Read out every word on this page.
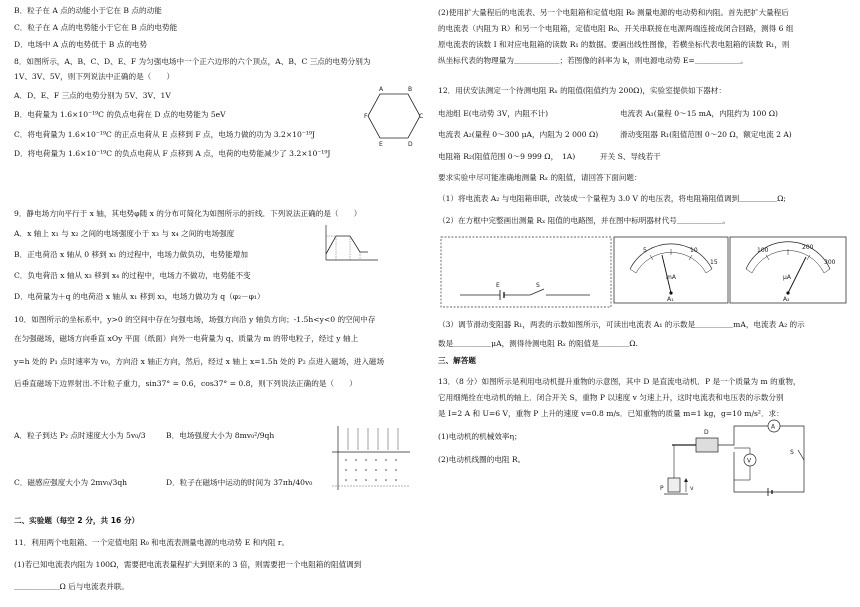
B．粒子在 A 点的动能小于它在 B 点的动能
C．粒子在 A 点的电势能小于它在 B 点的电势能
D．电场中 A 点的电势低于 B 点的电势
8．如图所示，A、B、C、D、E、F 为匀强电场中一个正六边形的六个顶点，A、B、C 三点的电势分别为
1V、3V、5V，则下列说法中正确的是（　　）
A．D、E、F 三点的电势分别为 5V、3V、1V
B．电荷量为 1.6×10⁻¹⁹C 的负点电荷在 D 点的电势能为 5eV
C．将电荷量为 1.6×10⁻¹⁹C 的正点电荷从 E 点移到 F 点，电场力做的功为 3.2×10⁻¹⁹J
D．将电荷量为 1.6×10⁻¹⁹C 的负点电荷从 F 点移到 A 点，电荷的电势能减少了 3.2×10⁻¹⁹J
A	B
C
D
E
F
9．静电场方向平行于 x 轴，其电势φ随 x 的分布可简化为如图所示的折线．下列说法正确的是（　　）
A．x 轴上 x₁ 与 x₂ 之间的电场强度小于 x₃ 与 x₄ 之间的电场强度
B．正电荷沿 x 轴从 0 移到 x₁ 的过程中，电场力做负功，电势能增加
C．负电荷沿 x 轴从 x₃ 移到 x₄ 的过程中，电场力不做功，电势能不变
D．电荷量为＋q 的电荷沿 x 轴从 x₁ 移到 x₃，电场力做功为 q（φ₂－φ₁）
10．如图所示的坐标系中，y>0 的空间中存在匀强电场，场强方向沿 y 轴负方向；-1.5h<y<0 的空间中存
在匀强磁场，磁场方向垂直 xOy 平面（纸面）向外一电荷量为 q、质量为 m 的带电粒子，经过 y 轴上
y=h 处的 P₁ 点时速率为 v₀，方向沿 x 轴正方向，然后，经过 x 轴上 x=1.5h 处的 P₂ 点进入磁场，进入磁场
后垂直磁场下边界射出.不计粒子重力，sin37° = 0.6，cos37° = 0.8，则下列说法正确的是（　　）
A．粒子到达 P₂ 点时速度大小为 5v₀/3	B．电场强度大小为 8mv₀²/9qh
C．磁感应强度大小为 2mv₀/3qh	D．粒子在磁场中运动的时间为 37πh/40v₀
二、实验题（每空 2 分，共 16 分）
11．利用两个电阻箱、一个定值电阻 R₀ 和电流表测量电源的电动势 E 和内阻 r。
(1)若已知电流表内阻为 100Ω，需要把电流表量程扩大到原来的 3 倍，则需要把一个电阻箱的阻值调到
＿＿＿＿＿＿Ω 后与电流表并联。
(2)使用扩大量程后的电流表、另一个电阻箱和定值电阻 R₀ 测量电源的电动势和内阻。首先把扩大量程后
的电流表（内阻为 R）和另一个电阻箱，定值电阻 R₀、开关串联接在电源两端连接成闭合回路，测得 6 组
原电流表的读数 I 和对应电阻箱的读数 R₁ 的数据。要画出线性图像，若横坐标代表电阻箱的读数 R₁，则
纵坐标代表的物理量为＿＿＿＿＿＿；若图像的斜率为 k，则电源电动势 E=＿＿＿＿＿＿。
12．用伏安法测定一个待测电阻 Rₓ 的阻值(阻值约为 200Ω)，实验室提供如下器材：
电池组 E(电动势 3V，内阻不计)	电流表 A₁(量程 0～15 mA，内阻约为 100 Ω)
电流表 A₂(量程 0～300 μA，内阻为 2 000 Ω)	滑动变阻器 R₁(阻值范围 0～20 Ω，额定电流 2 A)
电阻箱 R₂(阻值范围 0～9 999 Ω，　1A)	开关 S、导线若干
要求实验中尽可能准确地测量 Rₓ 的阻值，请回答下面问题：
（1）将电流表 A₂ 与电阻箱串联，改装成一个量程为 3.0 V 的电压表，将电阻箱阻值调到＿＿＿＿＿Ω;
（2）在方框中完整画出测量 Rₓ 阻值的电路图，并在图中标明器材代号＿＿＿＿＿＿。
E	S
5	10
15
mA
A₁
100	200
300
μA
A₂
（3）调节滑动变阻器 R₁，两表的示数如图所示，可读出电流表 A₁ 的示数是＿＿＿＿＿mA，电流表 A₂ 的示
数是＿＿＿＿＿μA，测得待测电阻 Rₓ 的阻值是＿＿＿＿Ω.
三、解答题
13．（8 分）如图所示是利用电动机提升重物的示意图，其中 D 是直流电动机．P 是一个质量为 m 的重物，
它用细绳拴在电动机的轴上．闭合开关 S，重物 P 以速度 v 匀速上升，这时电流表和电压表的示数分别
是 I=2 A 和 U=6 V，重物 P 上升的速度 v=0.8 m/s．已知重物的质量 m=1 kg，g=10 m/s²．求：
(1)电动机的机械效率η；
(2)电动机线圈的电阻 R。
P	v
D
A
V
S
